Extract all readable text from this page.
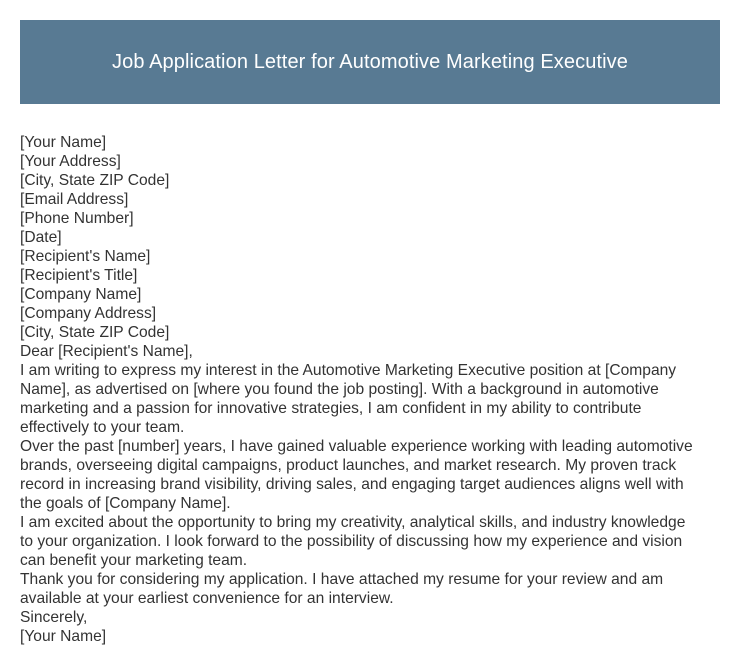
Job Application Letter for Automotive Marketing Executive
[Your Name]
[Your Address]
[City, State ZIP Code]
[Email Address]
[Phone Number]
[Date]
[Recipient's Name]
[Recipient's Title]
[Company Name]
[Company Address]
[City, State ZIP Code]
Dear [Recipient's Name],
I am writing to express my interest in the Automotive Marketing Executive position at [Company
Name], as advertised on [where you found the job posting]. With a background in automotive
marketing and a passion for innovative strategies, I am confident in my ability to contribute
effectively to your team.
Over the past [number] years, I have gained valuable experience working with leading automotive
brands, overseeing digital campaigns, product launches, and market research. My proven track
record in increasing brand visibility, driving sales, and engaging target audiences aligns well with
the goals of [Company Name].
I am excited about the opportunity to bring my creativity, analytical skills, and industry knowledge
to your organization. I look forward to the possibility of discussing how my experience and vision
can benefit your marketing team.
Thank you for considering my application. I have attached my resume for your review and am
available at your earliest convenience for an interview.
Sincerely,
[Your Name]
